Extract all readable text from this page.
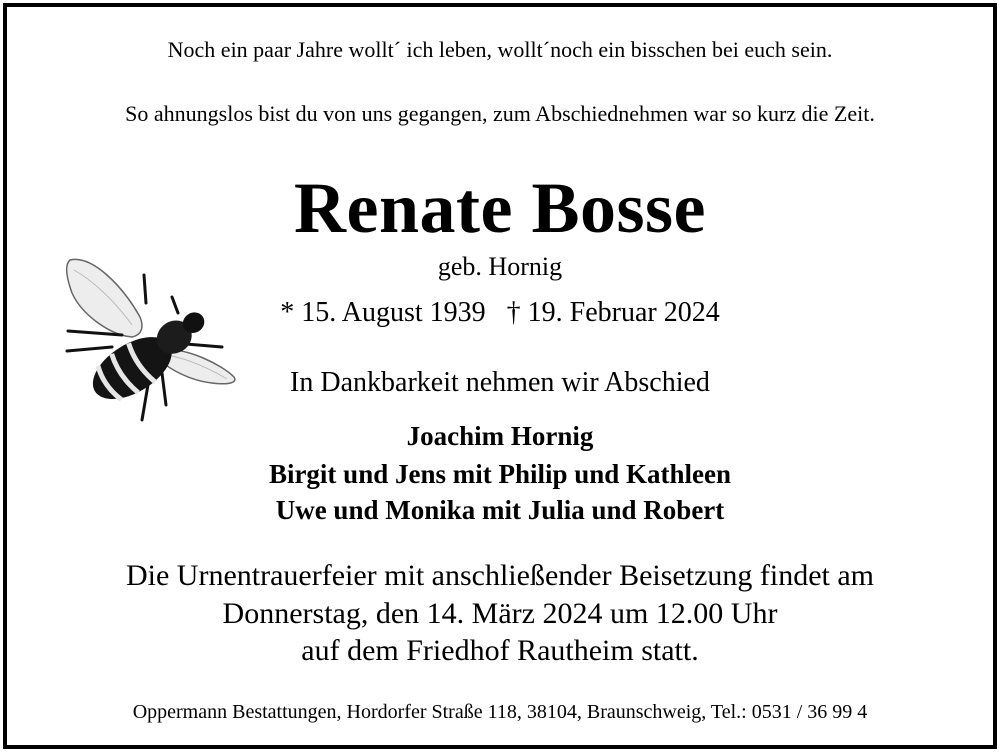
Noch ein paar Jahre wollt´ ich leben, wollt´noch ein bisschen bei euch sein.
So ahnungslos bist du von uns gegangen, zum Abschiednehmen war so kurz die Zeit.
Renate Bosse
geb. Hornig
* 15. August 1939   † 19. Februar 2024
In Dankbarkeit nehmen wir Abschied
Joachim Hornig
Birgit und Jens mit Philip und Kathleen
Uwe und Monika mit Julia und Robert
Die Urnentrauerfeier mit anschließender Beisetzung findet am
Donnerstag, den 14. März 2024 um 12.00 Uhr
auf dem Friedhof Rautheim statt.
Oppermann Bestattungen, Hordorfer Straße 118, 38104, Braunschweig, Tel.: 0531 / 36 99 4
